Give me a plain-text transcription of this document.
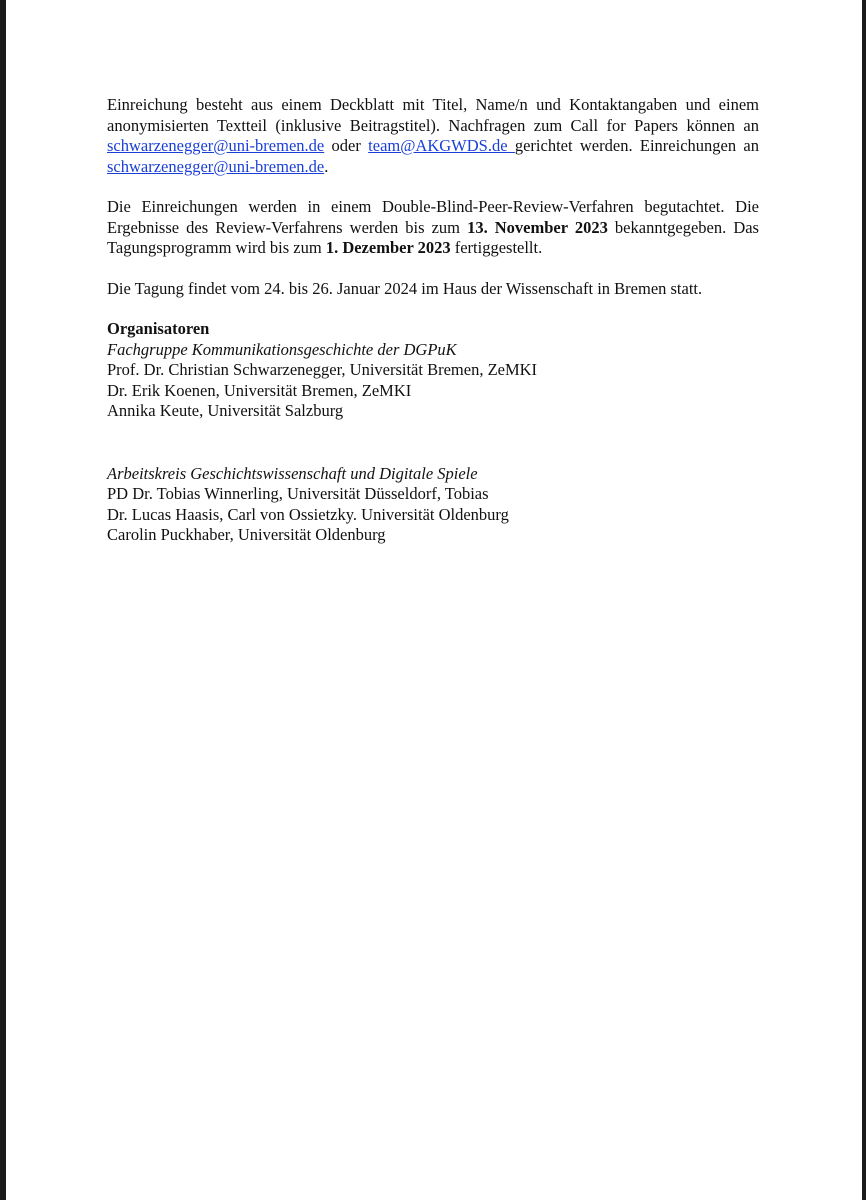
Einreichung besteht aus einem Deckblatt mit Titel, Name/n und Kontaktangaben und einem anonymisierten Textteil (inklusive Beitragstitel). Nachfragen zum Call for Papers können an schwarzenegger@uni-bremen.de oder team@AKGWDS.de gerichtet werden. Einreichungen an schwarzenegger@uni-bremen.de.

Die Einreichungen werden in einem Double-Blind-Peer-Review-Verfahren begutachtet. Die Ergebnisse des Review-Verfahrens werden bis zum 13. November 2023 bekanntgegeben. Das Tagungsprogramm wird bis zum 1. Dezember 2023 fertiggestellt.

Die Tagung findet vom 24. bis 26. Januar 2024 im Haus der Wissenschaft in Bremen statt.

Organisatoren
Fachgruppe Kommunikationsgeschichte der DGPuK
Prof. Dr. Christian Schwarzenegger, Universität Bremen, ZeMKI
Dr. Erik Koenen, Universität Bremen, ZeMKI
Annika Keute, Universität Salzburg
Arbeitskreis Geschichtswissenschaft und Digitale Spiele
PD Dr. Tobias Winnerling, Universität Düsseldorf, Tobias
Dr. Lucas Haasis, Carl von Ossietzky. Universität Oldenburg
Carolin Puckhaber, Universität Oldenburg
